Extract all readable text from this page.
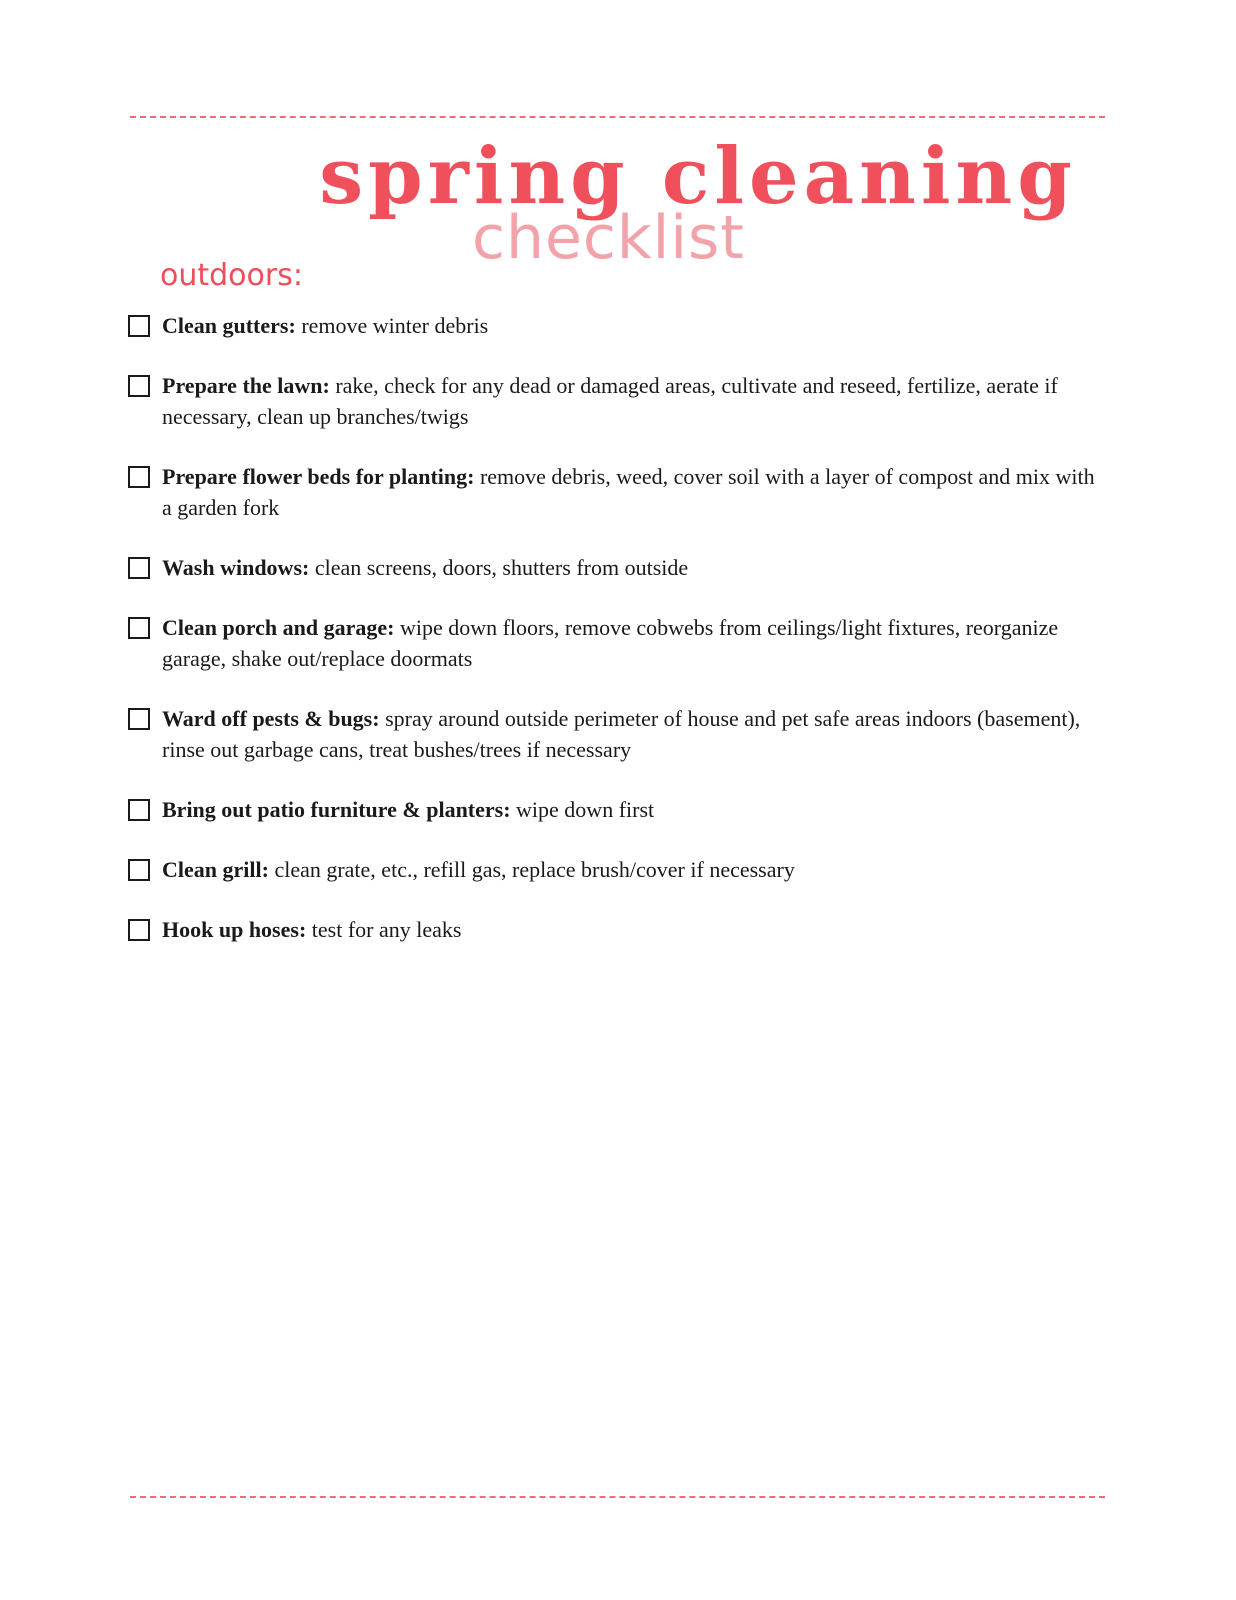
spring cleaning
checklist
outdoors:
Clean gutters: remove winter debris
Prepare the lawn: rake, check for any dead or damaged areas, cultivate and reseed, fertilize, aerate if necessary, clean up branches/twigs
Prepare flower beds for planting: remove debris, weed, cover soil with a layer of compost and mix with a garden fork
Wash windows: clean screens, doors, shutters from outside
Clean porch and garage: wipe down floors, remove cobwebs from ceilings/light fixtures, reorganize garage, shake out/replace doormats
Ward off pests & bugs: spray around outside perimeter of house and pet safe areas indoors (basement), rinse out garbage cans, treat bushes/trees if necessary
Bring out patio furniture & planters: wipe down first
Clean grill: clean grate, etc., refill gas, replace brush/cover if necessary
Hook up hoses: test for any leaks
